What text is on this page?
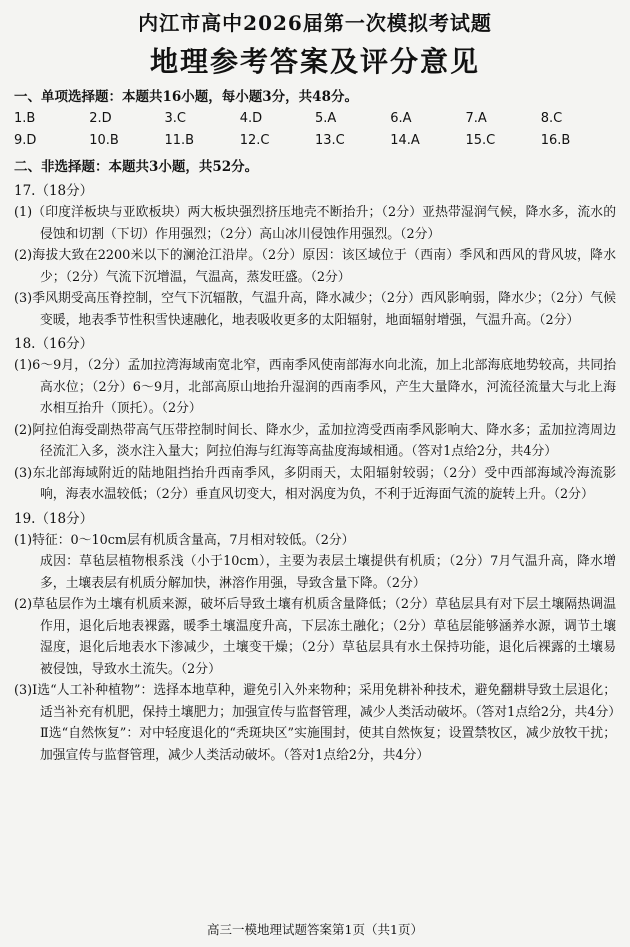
内江市高中2026届第一次模拟考试题
地理参考答案及评分意见
一、单项选择题：本题共16小题，每小题3分，共48分。
1.B	2.D	3.C	4.D	5.A	6.A	7.A	8.C
9.D	10.B	11.B	12.C	13.C	14.A	15.C	16.B
二、非选择题：本题共3小题，共52分。
17.（18分）
(1)（印度洋板块与亚欧板块）两大板块强烈挤压地壳不断抬升；（2分）亚热带湿润气候，降水多，流水的侵蚀和切割（下切）作用强烈；（2分）高山冰川侵蚀作用强烈。（2分）
(2)海拔大致在2200米以下的澜沧江沿岸。（2分）原因：该区域位于（西南）季风和西风的背风坡，降水少；（2分）气流下沉增温，气温高，蒸发旺盛。（2分）
(3)季风期受高压脊控制，空气下沉辐散，气温升高，降水减少；（2分）西风影响弱，降水少；（2分）气候变暖，地表季节性积雪快速融化，地表吸收更多的太阳辐射，地面辐射增强，气温升高。（2分）
18.（16分）
(1)6～9月，（2分）孟加拉湾海域南宽北窄，西南季风使南部海水向北流，加上北部海底地势较高，共同抬高水位；（2分）6～9月，北部高原山地抬升湿润的西南季风，产生大量降水，河流径流量大与北上海水相互抬升（顶托）。（2分）
(2)阿拉伯海受副热带高气压带控制时间长、降水少，孟加拉湾受西南季风影响大、降水多；孟加拉湾周边径流汇入多，淡水注入量大；阿拉伯海与红海等高盐度海域相通。（答对1点给2分，共4分）
(3)东北部海域附近的陆地阻挡抬升西南季风，多阴雨天，太阳辐射较弱；（2分）受中西部海域冷海流影响，海表水温较低；（2分）垂直风切变大，相对涡度为负，不利于近海面气流的旋转上升。（2分）
19.（18分）
(1)特征：0～10cm层有机质含量高，7月相对较低。（2分）
成因：草毡层植物根系浅（小于10cm），主要为表层土壤提供有机质；（2分）7月气温升高，降水增多，土壤表层有机质分解加快，淋溶作用强，导致含量下降。（2分）
(2)草毡层作为土壤有机质来源，破坏后导致土壤有机质含量降低；（2分）草毡层具有对下层土壤隔热调温作用，退化后地表裸露，暖季土壤温度升高，下层冻土融化；（2分）草毡层能够涵养水源，调节土壤湿度，退化后地表水下渗减少，土壤变干燥；（2分）草毡层具有水土保持功能，退化后裸露的土壤易被侵蚀，导致水土流失。（2分）
(3)Ⅰ选“人工补种植物”：选择本地草种，避免引入外来物种；采用免耕补种技术，避免翻耕导致土层退化；适当补充有机肥，保持土壤肥力；加强宣传与监督管理，减少人类活动破坏。（答对1点给2分，共4分）
Ⅱ选“自然恢复”：对中轻度退化的“秃斑块区”实施围封，使其自然恢复；设置禁牧区，减少放牧干扰；加强宣传与监督管理，减少人类活动破坏。（答对1点给2分，共4分）
高三一模地理试题答案第1页（共1页）
